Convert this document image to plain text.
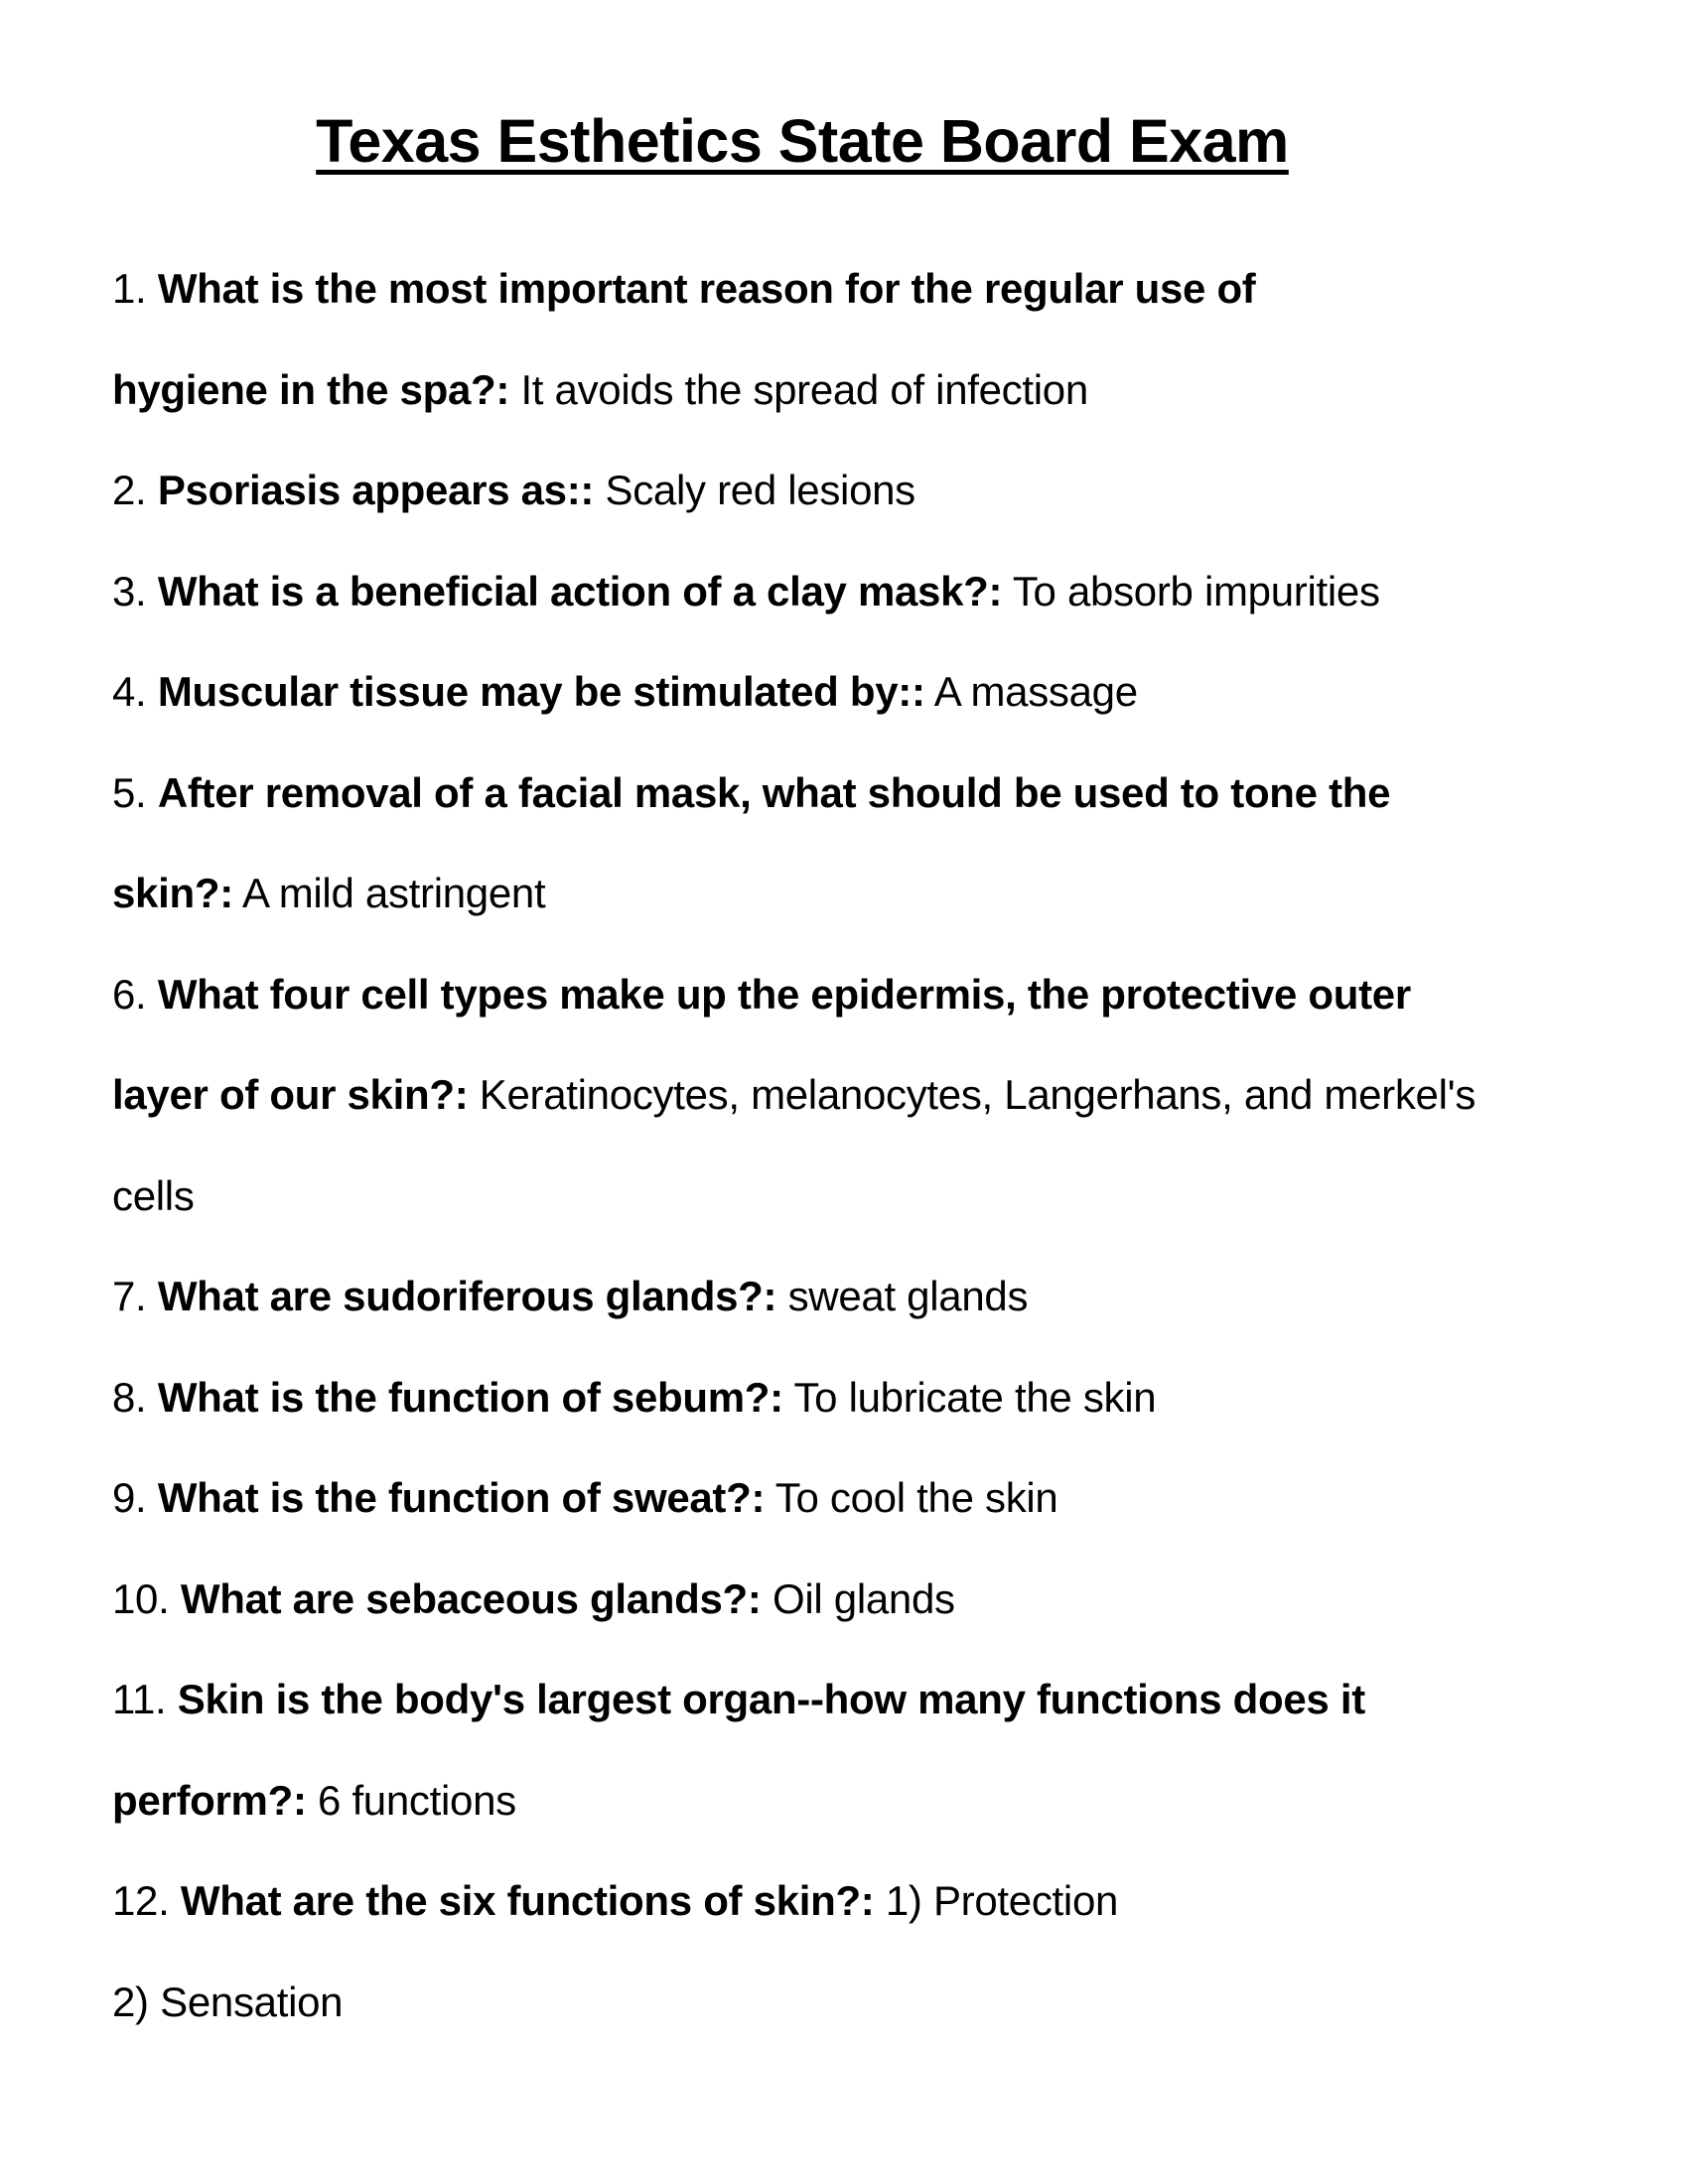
Texas Esthetics State Board Exam
1. What is the most important reason for the regular use of
hygiene in the spa?: It avoids the spread of infection
2. Psoriasis appears as:: Scaly red lesions
3. What is a beneficial action of a clay mask?: To absorb impurities
4. Muscular tissue may be stimulated by:: A massage
5. After removal of a facial mask, what should be used to tone the
skin?: A mild astringent
6. What four cell types make up the epidermis, the protective outer
layer of our skin?: Keratinocytes, melanocytes, Langerhans, and merkel's
cells
7. What are sudoriferous glands?: sweat glands
8. What is the function of sebum?: To lubricate the skin
9. What is the function of sweat?: To cool the skin
10. What are sebaceous glands?: Oil glands
11. Skin is the body's largest organ--how many functions does it
perform?: 6 functions
12. What are the six functions of skin?: 1) Protection
2) Sensation
